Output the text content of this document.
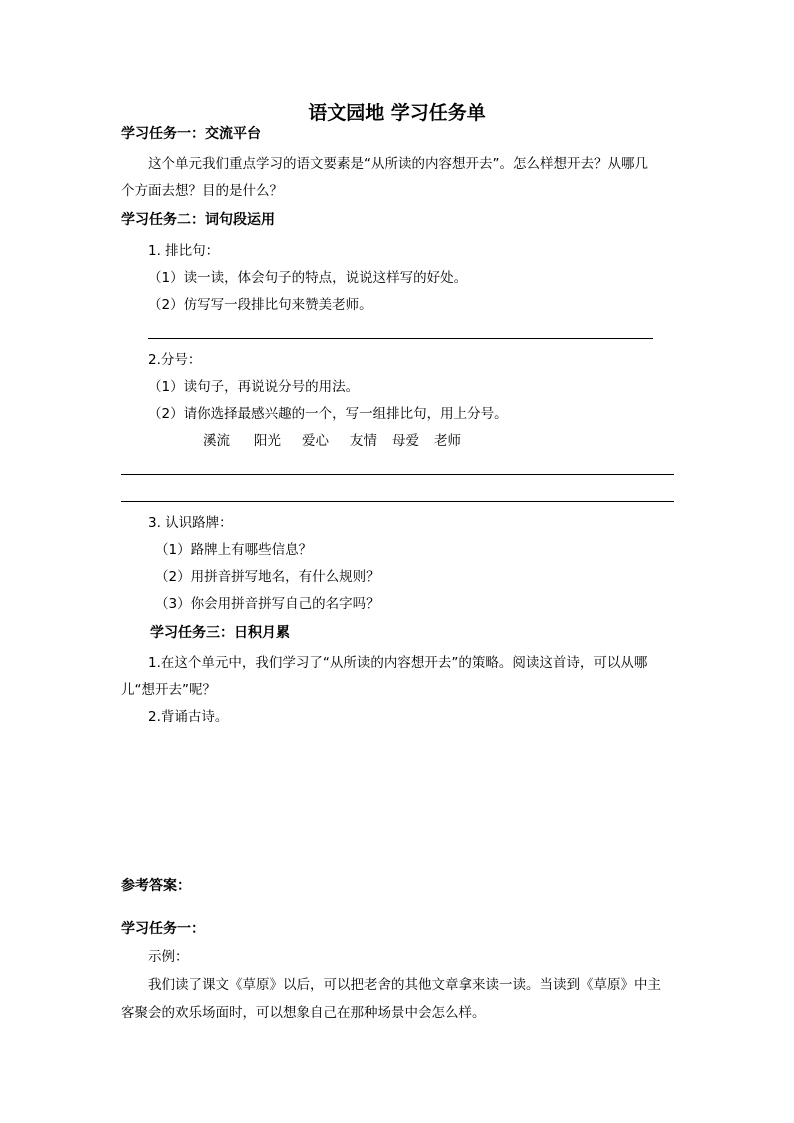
语文园地 学习任务单
学习任务一：交流平台
这个单元我们重点学习的语文要素是“从所读的内容想开去”。怎么样想开去？从哪几
个方面去想？目的是什么？
学习任务二：词句段运用
1. 排比句：
（1）读一读，体会句子的特点，说说这样写的好处。
（2）仿写写一段排比句来赞美老师。
2.分号：
（1）读句子，再说说分号的用法。
（2）请你选择最感兴趣的一个，写一组排比句，用上分号。
溪流 阳光 爱心 友情 母爱 老师
3. 认识路牌：
（1）路牌上有哪些信息？
（2）用拼音拼写地名，有什么规则？
（3）你会用拼音拼写自己的名字吗？
学习任务三：日积月累
1.在这个单元中，我们学习了“从所读的内容想开去”的策略。阅读这首诗，可以从哪
儿“想开去”呢？
2.背诵古诗。
参考答案：
学习任务一：
示例：
我们读了课文《草原》以后，可以把老舍的其他文章拿来读一读。当读到《草原》中主
客聚会的欢乐场面时，可以想象自己在那种场景中会怎么样。
